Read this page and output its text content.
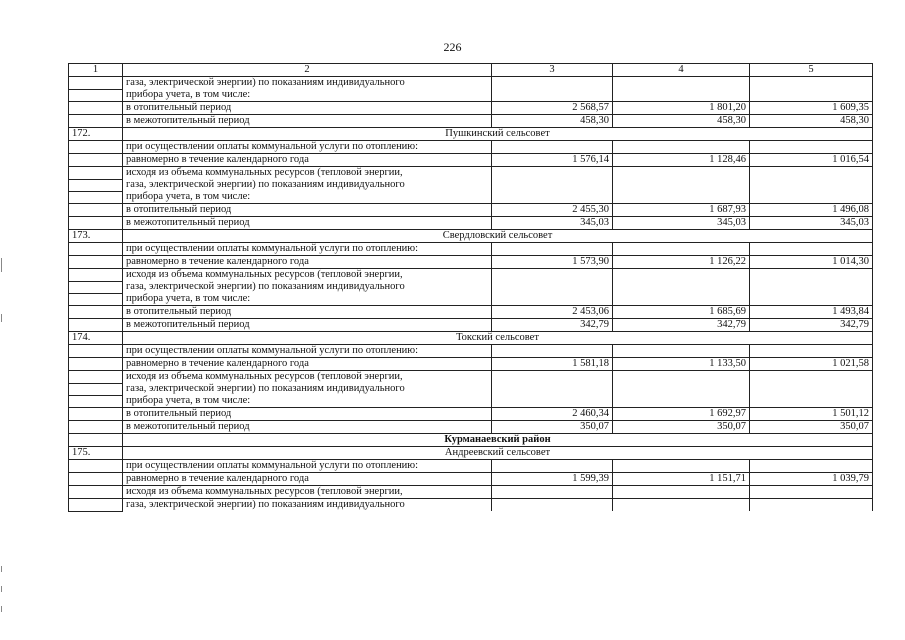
226
1	2	3	4	5
	газа, электрической энергии) по показаниям индивидуального			
	прибора учета, в том числе:			
	в отопительный период	2 568,57	1 801,20	1 609,35
	в межотопительный период	458,30	458,30	458,30
172.	Пушкинский сельсовет			
	при осуществлении оплаты коммунальной услуги по отоплению:			
	равномерно в течение календарного года	1 576,14	1 128,46	1 016,54
	исходя из объема коммунальных ресурсов (тепловой энергии,			
	газа, электрической энергии) по показаниям индивидуального			
	прибора учета, в том числе:			
	в отопительный период	2 455,30	1 687,93	1 496,08
	в межотопительный период	345,03	345,03	345,03
173.	Свердловский сельсовет			
	при осуществлении оплаты коммунальной услуги по отоплению:			
	равномерно в течение календарного года	1 573,90	1 126,22	1 014,30
	исходя из объема коммунальных ресурсов (тепловой энергии,			
	газа, электрической энергии) по показаниям индивидуального			
	прибора учета, в том числе:			
	в отопительный период	2 453,06	1 685,69	1 493,84
	в межотопительный период	342,79	342,79	342,79
174.	Токский сельсовет			
	при осуществлении оплаты коммунальной услуги по отоплению:			
	равномерно в течение календарного года	1 581,18	1 133,50	1 021,58
	исходя из объема коммунальных ресурсов (тепловой энергии,			
	газа, электрической энергии) по показаниям индивидуального			
	прибора учета, в том числе:			
	в отопительный период	2 460,34	1 692,97	1 501,12
	в межотопительный период	350,07	350,07	350,07
	Курманаевский район			
175.	Андреевский сельсовет			
	при осуществлении оплаты коммунальной услуги по отоплению:			
	равномерно в течение календарного года	1 599,39	1 151,71	1 039,79
	исходя из объема коммунальных ресурсов (тепловой энергии,			
	газа, электрической энергии) по показаниям индивидуального			
